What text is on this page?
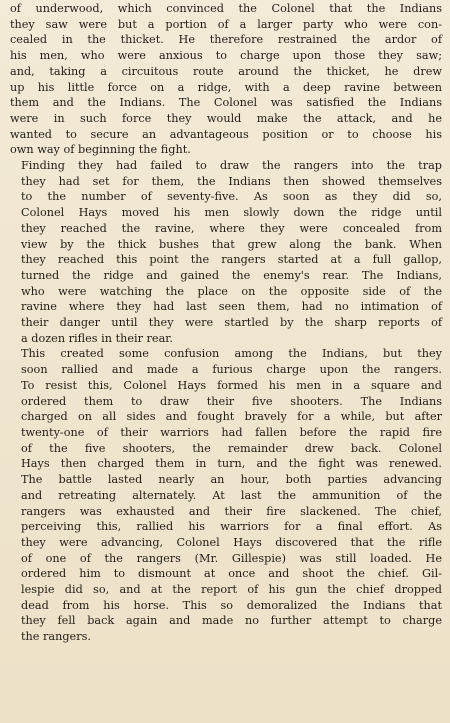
of underwood, which convinced the Colonel that the Indians
they saw were but a portion of a larger party who were con-
cealed in the thicket. He therefore restrained the ardor of
his men, who were anxious to charge upon those they saw;
and, taking a circuitous route around the thicket, he drew
up his little force on a ridge, with a deep ravine between
them and the Indians. The Colonel was satisfied the Indians
were in such force they would make the attack, and he
wanted to secure an advantageous position or to choose his
own way of beginning the fight.

Finding they had failed to draw the rangers into the trap
they had set for them, the Indians then showed themselves
to the number of seventy-five. As soon as they did so,
Colonel Hays moved his men slowly down the ridge until
they reached the ravine, where they were concealed from
view by the thick bushes that grew along the bank. When
they reached this point the rangers started at a full gallop,
turned the ridge and gained the enemy's rear. The Indians,
who were watching the place on the opposite side of the
ravine where they had last seen them, had no intimation of
their danger until they were startled by the sharp reports of
a dozen rifles in their rear.

This created some confusion among the Indians, but they
soon rallied and made a furious charge upon the rangers.
To resist this, Colonel Hays formed his men in a square and
ordered them to draw their five shooters. The Indians
charged on all sides and fought bravely for a while, but after
twenty-one of their warriors had fallen before the rapid fire
of the five shooters, the remainder drew back. Colonel
Hays then charged them in turn, and the fight was renewed.
The battle lasted nearly an hour, both parties advancing
and retreating alternately. At last the ammunition of the
rangers was exhausted and their fire slackened. The chief,
perceiving this, rallied his warriors for a final effort. As
they were advancing, Colonel Hays discovered that the rifle
of one of the rangers (Mr. Gillespie) was still loaded. He
ordered him to dismount at once and shoot the chief. Gil-
lespie did so, and at the report of his gun the chief dropped
dead from his horse. This so demoralized the Indians that
they fell back again and made no further attempt to charge
the rangers.
